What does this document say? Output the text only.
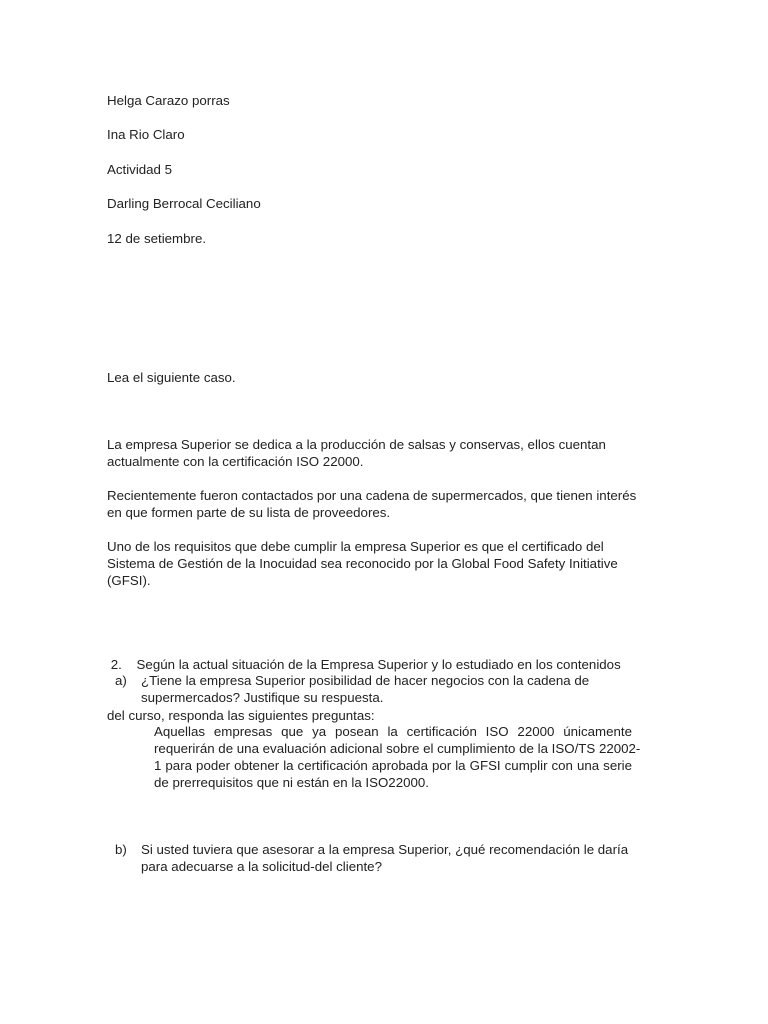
Helga Carazo porras
Ina Rio Claro
Actividad 5
Darling Berrocal Ceciliano
12 de setiembre.
Lea el siguiente caso.
La empresa Superior se dedica a la producción de salsas y conservas, ellos cuentan
actualmente con la certificación ISO 22000.
Recientemente fueron contactados por una cadena de supermercados, que tienen interés
en que formen parte de su lista de proveedores.
Uno de los requisitos que debe cumplir la empresa Superior es que el certificado del
Sistema de Gestión de la Inocuidad sea reconocido por la Global Food Safety Initiative
(GFSI).

2.    Según la actual situación de la Empresa Superior y lo estudiado en los contenidos

del curso, responda las siguientes preguntas:

a) ¿Tiene la empresa Superior posibilidad de hacer negocios con la cadena de
supermercados? Justifique su respuesta.
Aquellas empresas que ya posean la certificación ISO 22000 únicamente
requerirán de una evaluación adicional sobre el cumplimiento de la ISO/TS 22002-
1 para poder obtener la certificación aprobada por la GFSI cumplir con una serie
de prerrequisitos que ni están en la ISO22000.
b) Si usted tuviera que asesorar a la empresa Superior, ¿qué recomendación le daría
para adecuarse a la solicitud-del cliente?
